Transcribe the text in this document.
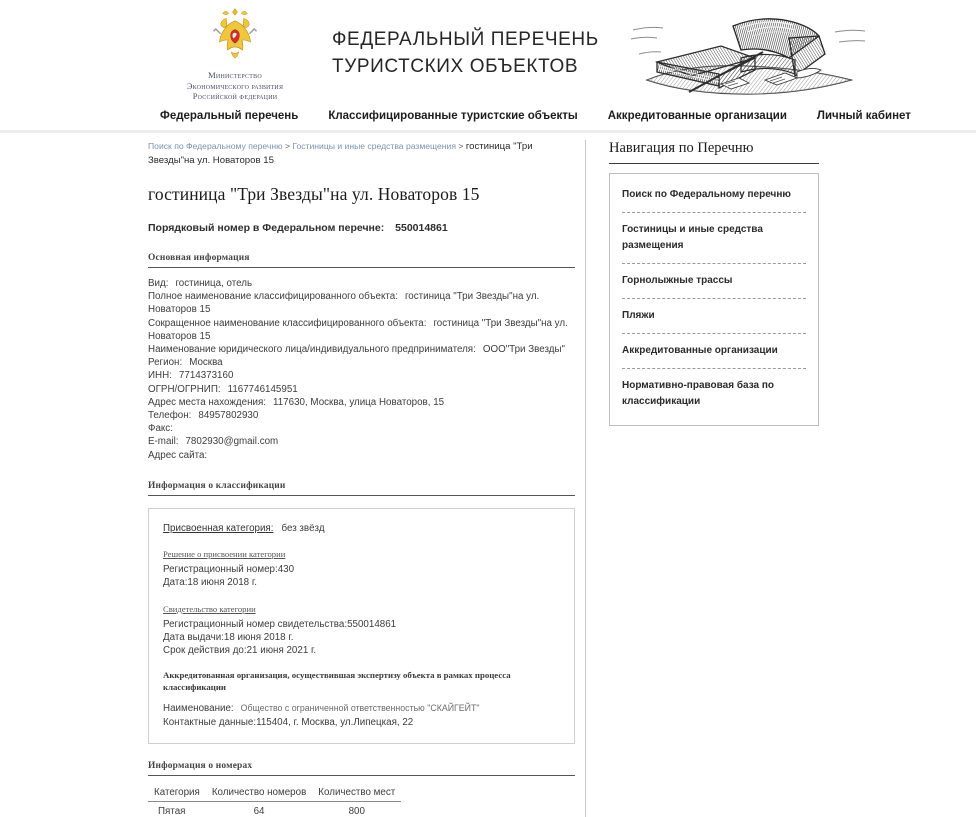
Министерство
Экономического развития
Российской федерации
ФЕДЕРАЛЬНЫЙ ПЕРЕЧЕНЬ
ТУРИСТСКИХ ОБЪЕКТОВ
Федеральный перечень	Классифицированные туристские объекты	Аккредитованные организации	Личный кабинет
Поиск по Федеральному перечню > Гостиницы и иные средства размещения > гостиница "Три Звезды"на ул. Новаторов 15
гостиница "Три Звезды"на ул. Новаторов 15
Порядковый номер в Федеральном перечне: 550014861
Основная информация
Вид: гостиница, отель
Полное наименование классифицированного объекта: гостиница "Три Звезды"на ул. Новаторов 15
Сокращенное наименование классифицированного объекта: гостиница "Три Звезды"на ул. Новаторов 15
Наименование юридического лица/индивидуального предпринимателя: ООО"Три Звезды"
Регион: Москва
ИНН: 7714373160
ОГРН/ОГРНИП: 1167746145951
Адрес места нахождения: 117630, Москва, улица Новаторов, 15
Телефон: 84957802930
Факс:
E-mail: 7802930@gmail.com
Адрес сайта:
Информация о классификации
Присвоенная категория: без звёзд
Решение о присвоении категории
Регистрационный номер:430
Дата:18 июня 2018 г.
Свидетельство категории
Регистрационный номер свидетельства:550014861
Дата выдачи:18 июня 2018 г.
Срок действия до:21 июня 2021 г.
Аккредитованная организация, осуществившая экспертизу объекта в рамках процесса классификации
Наименование: Общество с ограниченной ответственностью "СКАЙГЕЙТ"
Контактные данные:115404, г. Москва, ул.Липецкая, 22
Информация о номерах
Категория	Количество номеров	Количество мест
Пятая	64	800
Навигация по Перечню
Поиск по Федеральному перечню
Гостиницы и иные средства размещения
Горнолыжные трассы
Пляжи
Аккредитованные организации
Нормативно-правовая база по классификации
